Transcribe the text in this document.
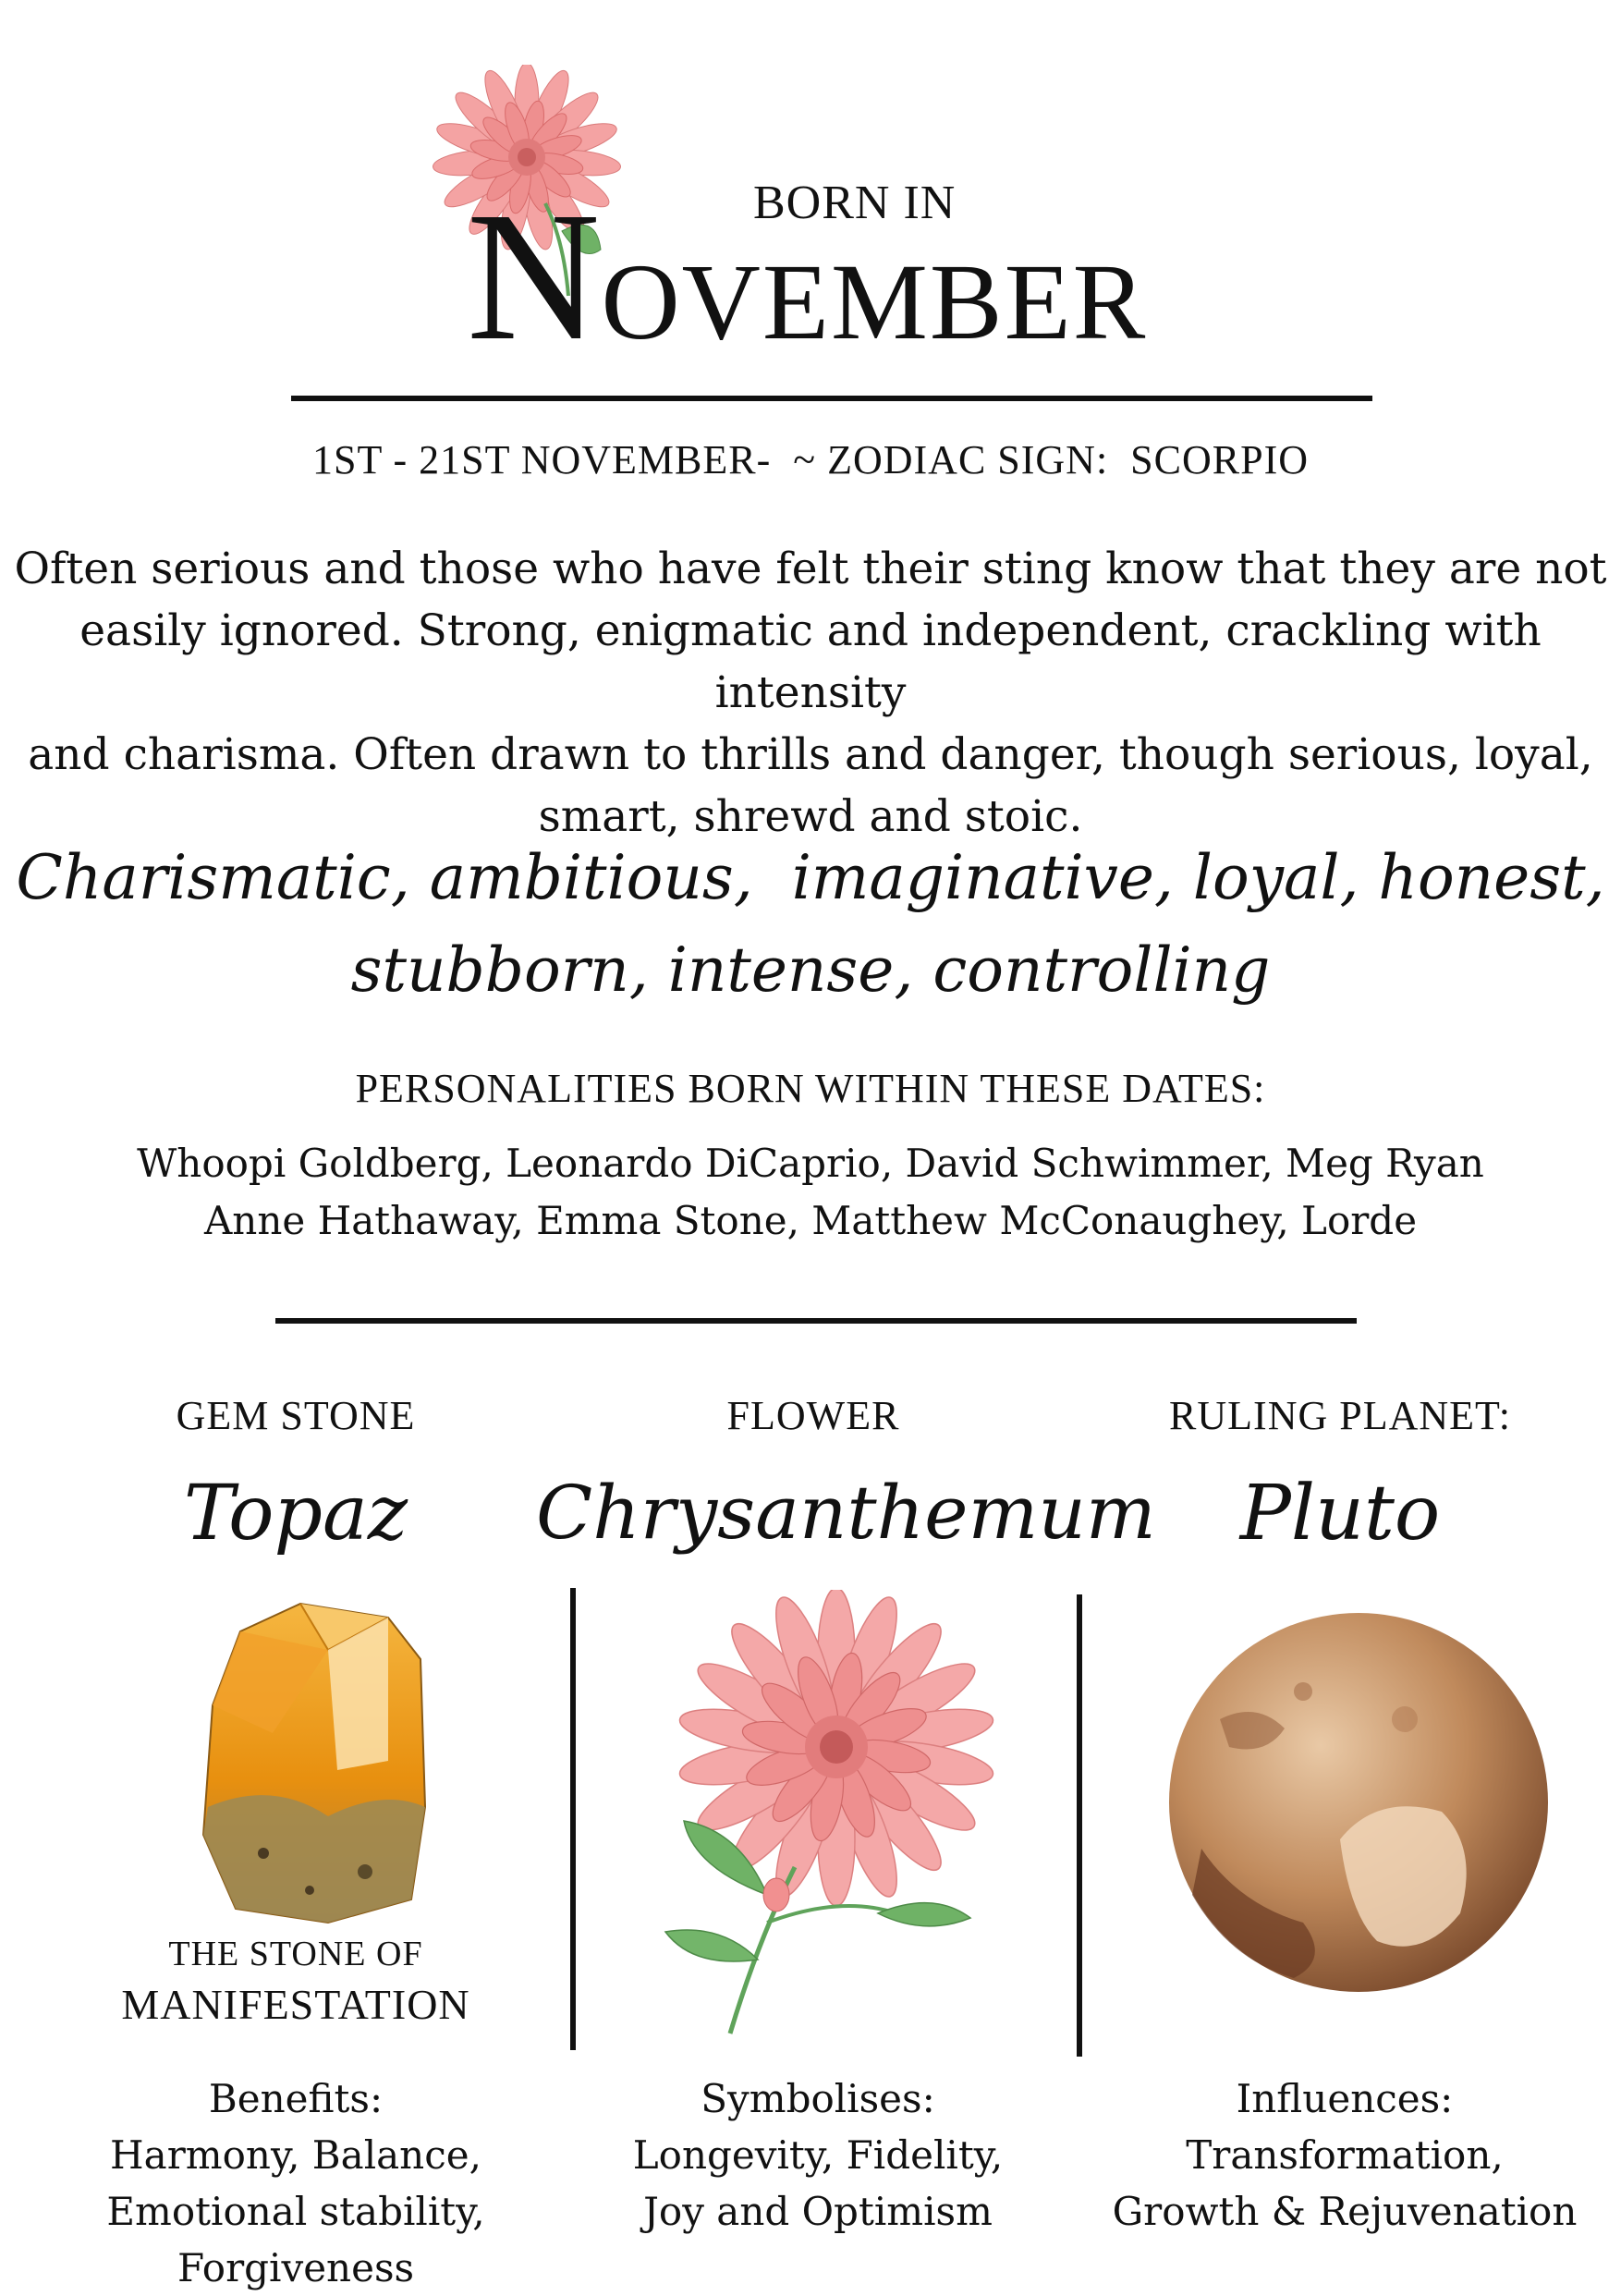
BORN IN
NOVEMBER
1ST - 21ST NOVEMBER-  ~ ZODIAC SIGN:  SCORPIO
Often serious and those who have felt their sting know that they are not
easily ignored. Strong, enigmatic and independent, crackling with intensity
and charisma. Often drawn to thrills and danger, though serious, loyal,
smart, shrewd and stoic.
Charismatic, ambitious,  imaginative, loyal, honest,
stubborn, intense, controlling
PERSONALITIES BORN WITHIN THESE DATES:
Whoopi Goldberg, Leonardo DiCaprio, David Schwimmer, Meg Ryan
Anne Hathaway, Emma Stone, Matthew McConaughey, Lorde
GEM STONE	FLOWER	RULING PLANET:
Topaz	Chrysanthemum	Pluto
THE STONE OF
MANIFESTATION
Benefits:
Harmony, Balance,
Emotional stability, Forgiveness
Symbolises:
Longevity, Fidelity,
Joy and Optimism
Influences:
Transformation,
Growth & Rejuvenation
